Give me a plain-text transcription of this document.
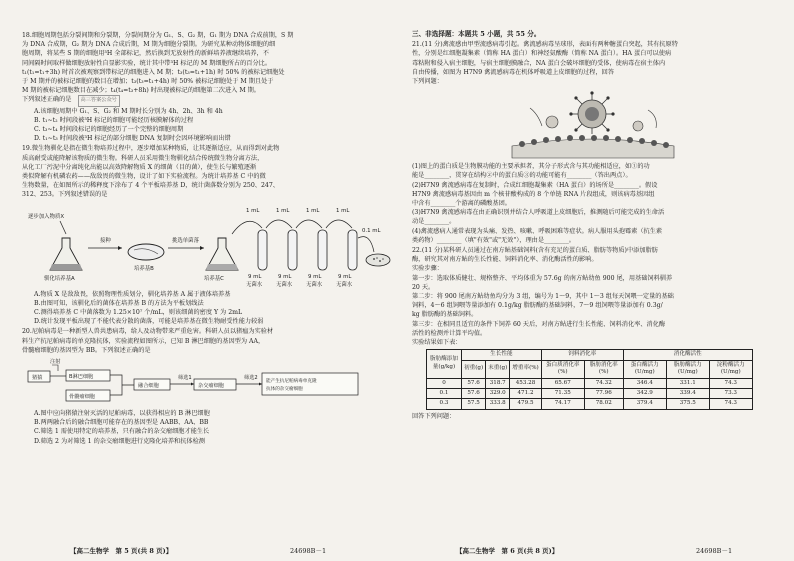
18.细胞周期包括分裂间期和分裂期，分裂间期分为 G₁、S、G₂ 期，G₁ 期为 DNA 合成前期，S 期

为 DNA 合成期，G₂ 期为 DNA 合成后期，M 期为细胞分裂期。为研究某种动物体细胞的细

胞周期，将某些 S 期的细胞用³H 全部标记，然后换到无放射性的新鲜培养液继续培养，不

同间隔时间取样做细胞放射性自显影实验，统计其中带³H 标记的 M 期细胞所占的百分比。

t₁(t₁=t₁+3h) 时首次被观察到带标记的细胞进入 M 期；t₃(t₃=t₁+1h) 时 50% 的被标记细胞处

于 M 期并的被标记细胞的数目在增加；t₃(t₃=t₁+4h) 时 50% 被标记细胞处于 M 期且处于

M 期的被标记细胞数目在减少；t₄(t₄=t₃+8h) 时出现被标记的细胞第二次进入 M 期。

下列叙述正确的是 高三答案公众号

A.该细胞周期中 G₁、S、G₂ 和 M 期时长分别为 4h、2h、3h 和 4h

B. t₁~t₂ 时间段被³H 标记的细胞可能经历核膜解体的过程

C. t₃~t₄ 时间段标记的细胞经历了一个完整的细胞周期

D. t₁~t₃ 时间段被³H 标记的部分细胞 DNA 复制时会因环境影响而出错

19.微生物驯化是指在微生物培养过程中，逐步增加某种物质，让其逐渐适应，从而得到对此物

质高耐受或能降解该物质的微生物。科研人员采用微生物驯化结合传统微生物分离方法，

从化工厂污泥中分离纯化出能以高效降解物质 X 的细菌（目的菌），使生长与繁殖逐渐

类似降解有机磷农药——敌敌畏的微生物，设计了如下实验流程。为统计培养基 C 中的微

生物数量，在如图所示的稀释度下涂布了 4 个平板培养基 D，统计菌落数分别为 250、247、

312、253。下列叙述错误的是

逐步加入物质X
驯化培养基A
接种
培养基B
挑选单菌落
培养基C
1 mL	1 mL	1 mL	1 mL
9 mL	9 mL	9 mL	9 mL
无菌水	无菌水	无菌水	无菌水
0.1 mL

A.物质 X 是敌敌畏，依照物理性质划分，驯化培养基 A 属于液体培养基

B.由图可知，该驯化后的菌体在培养基 B 的方法为平板划线法

C.测得培养基 C 中菌落数为 1.25×10⁷ 个/mL，则该细菌的密度 Y 为 2mL

D.统计发现平板出现了不能代表分散的菌落，可能是培养基在微生物耐受性能力较弱

20.尼帕病毒是一种新型人兽共患病毒，给人及动物带来严重危害。科研人员以猪瘟为实验材

料生产抗尼帕病毒的单克隆抗体，实验流程如图所示，已知 B 淋巴细胞的基因型为 AA，

骨髓瘤细胞的基因型为 BB。下列叙述正确的是

注射
猪猿	B淋巴细胞
骨髓瘤细胞
融合细胞
筛选1
杂交瘤细胞
筛选2
能产生抗尼帕病毒单克隆
抗体的杂交瘤细胞

A.图中应向猪猿注射灭活的尼帕病毒，以获得相应的 B 淋巴细胞

B.两两融合后的融合细胞可能存在的基因型是 AABB、AA、BB

C.筛选 1 需使用特定的培养基，只有融合的杂交瘤细胞才能生长

D.筛选 2 为对筛选 1 的杂交瘤细胞进行克隆化培养和抗体检测

【高二生物学　第 5 页(共 8 页)】	24698B－1

三、非选择题：本题共 5 小题，共 55 分。

21.(11 分)禽流感由甲型流感病毒引起。禽流感病毒呈球形，表面有两种糖蛋白突起，其有抗原特

性，分别是红细胞凝集素（简称 HA 蛋白）和神经氨酸酶（简称 NA 蛋白）。HA 蛋白可以使病

毒粘附和侵入宿主细胞，与宿主细胞膜融合，NA 蛋白会破坏细胞的受体，使病毒在宿主体内

自由传播，如图为 H7N9 禽流感病毒在机体呼吸道上皮细胞的过程，回答

下列问题：

(1)图上的蛋白质是生物膜功能的主要承担者，其分子形式含与其功能相适应，如①的功

能是________，贯穿在结构②中的蛋白质③的功能可能有________（答出两点）。

(2)H7N9 禽流感病毒在复制时，合成红细胞凝集素（HA 蛋白）的场所是________。假设

H7N9 禽流感病毒基因由 m 个核苷酸构成的 8 个单链 RNA 片段组成，则该病毒基因组

中含有________个游离的磷酸基团。

(3)H7N9 禽流感病毒在由正确识别并结合人呼吸道上皮细胞后，推测随后可能完成的生命活

动是________。

(4)禽流感病人通常表现为头痛、发热、咳嗽、呼吸困难等症状。病人服用头孢霉素（抗生素

类药物）________（填"有效"或"无效"），理由是________。

22.(11 分)某科研人员通过在南方鲇基础饲料(含有充足的蛋白质、脂肪等物质)中添加脂肪

酶，研究其对南方鲇的生长性能、饲料消化率、消化酶活性的影响。

实验步骤：

第一步：选取体质健壮、规格整齐、平均体重为 57.6g 的南方鲇幼鱼 900 尾，用基础饲料驯养

20 天。

第二步：将 900 尾南方鲇幼鱼均分为 3 组，编号为 1～9，其中 1～3 组每天饲喂一定量的基础

饲料，4～6 组饲喂等量添加有 0.1g/kg 脂肪酶的基础饲料，7～9 组饲喂等量添加有 0.3g/

kg 脂肪酶的基础饲料。

第三步：在相同且适宜的条件下饲养 60 天后，对南方鲇进行生长性能、饲料消化率、消化酶

活性的检测并计算平均值。

实验结果如下表：

脂肪酶添加量(g/kg)	生长性能			饲料消化率		消化酶活性		
	初重(g)	末重(g)	增重率(%)	蛋白质消化率(%)	脂肪消化率(%)	蛋白酶活力(U/mg)	脂肪酶活力(U/mg)	淀粉酶活力(U/mg)
0	57.6	318.7	453.28	65.67	74.32	346.4	331.1	74.3
0.1	57.6	329.0	471.2	71.35	77.96	342.9	339.4	73.3
0.3	57.5	333.8	479.5	74.17	78.02	379.4	375.5	74.3

回答下列问题：

【高二生物学　第 6 页(共 8 页)】	24698B－1
